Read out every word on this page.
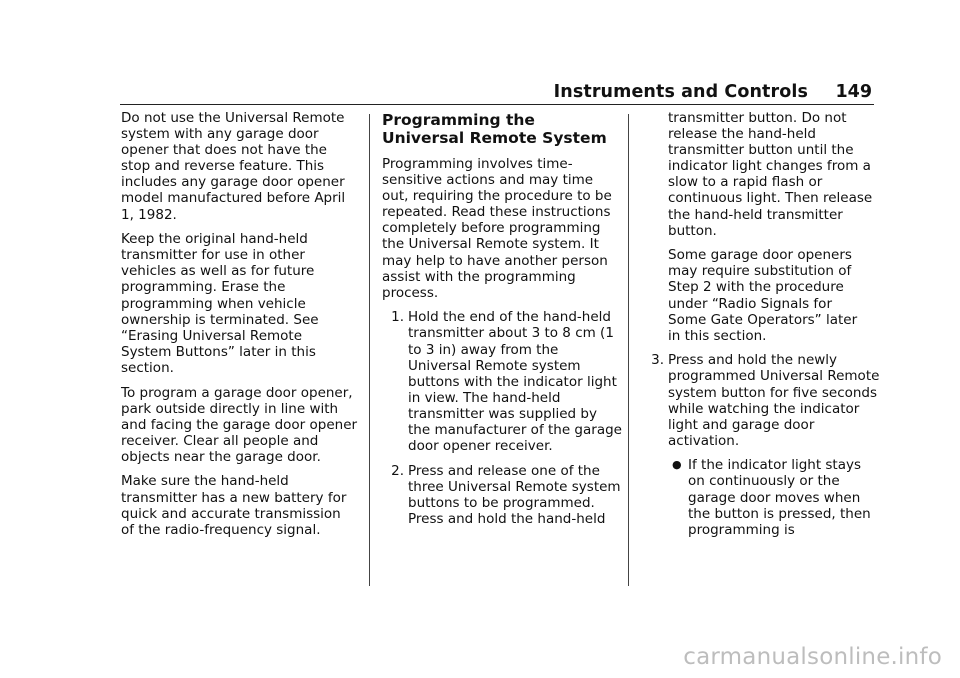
Instruments and Controls 149

Do not use the Universal Remote system with any garage door opener that does not have the stop and reverse feature. This includes any garage door opener model manufactured before April 1, 1982.

Keep the original hand-held transmitter for use in other vehicles as well as for future programming. Erase the programming when vehicle ownership is terminated. See “Erasing Universal Remote System Buttons” later in this section.

To program a garage door opener, park outside directly in line with and facing the garage door opener receiver. Clear all people and objects near the garage door.

Make sure the hand-held transmitter has a new battery for quick and accurate transmission of the radio-frequency signal.

Programming the Universal Remote System

Programming involves time-sensitive actions and may time out, requiring the procedure to be repeated. Read these instructions completely before programming the Universal Remote system. It may help to have another person assist with the programming process.

1. Hold the end of the hand-held transmitter about 3 to 8 cm (1 to 3 in) away from the Universal Remote system buttons with the indicator light in view. The hand-held transmitter was supplied by the manufacturer of the garage door opener receiver.
2. Press and release one of the three Universal Remote system buttons to be programmed. Press and hold the hand-held

transmitter button. Do not release the hand-held transmitter button until the indicator light changes from a slow to a rapid flash or continuous light. Then release the hand-held transmitter button.

Some garage door openers may require substitution of Step 2 with the procedure under “Radio Signals for Some Gate Operators” later in this section.

3. Press and hold the newly programmed Universal Remote system button for five seconds while watching the indicator light and garage door activation.
● If the indicator light stays on continuously or the garage door moves when the button is pressed, then programming is
carmanualsonline.info
